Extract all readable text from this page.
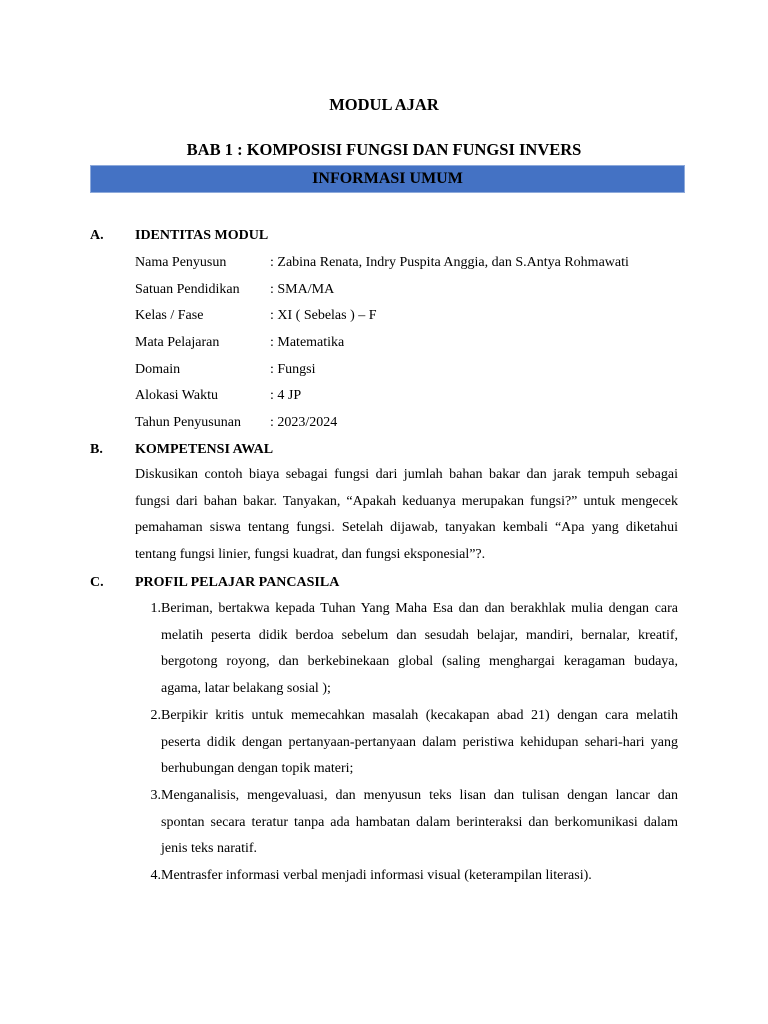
MODUL AJAR
BAB 1 : KOMPOSISI FUNGSI DAN FUNGSI INVERS
INFORMASI UMUM
A. IDENTITAS MODUL
Nama Penyusun	: Zabina Renata, Indry Puspita Anggia, dan S.Antya Rohmawati
Satuan Pendidikan : SMA/MA
Kelas / Fase	: XI ( Sebelas ) – F
Mata Pelajaran	: Matematika
Domain	: Fungsi
Alokasi Waktu	: 4 JP
Tahun Penyusunan : 2023/2024
B. KOMPETENSI AWAL
Diskusikan contoh biaya sebagai fungsi dari jumlah bahan bakar dan jarak tempuh sebagai fungsi dari bahan bakar. Tanyakan, “Apakah keduanya merupakan fungsi?” untuk mengecek pemahaman siswa tentang fungsi. Setelah dijawab, tanyakan kembali “Apa yang diketahui tentang fungsi linier, fungsi kuadrat, dan fungsi eksponesial”?.
C. PROFIL PELAJAR PANCASILA
1. Beriman, bertakwa kepada Tuhan Yang Maha Esa dan dan berakhlak mulia dengan cara melatih peserta didik berdoa sebelum dan sesudah belajar, mandiri, bernalar, kreatif, bergotong royong, dan berkebinekaan global (saling menghargai keragaman budaya, agama, latar belakang sosial );
2. Berpikir kritis untuk memecahkan masalah (kecakapan abad 21) dengan cara melatih peserta didik dengan pertanyaan-pertanyaan dalam peristiwa kehidupan sehari-hari yang berhubungan dengan topik materi;
3. Menganalisis, mengevaluasi, dan menyusun teks lisan dan tulisan dengan lancar dan spontan secara teratur tanpa ada hambatan dalam berinteraksi dan berkomunikasi dalam jenis teks naratif.
4. Mentrasfer informasi verbal menjadi informasi visual (keterampilan literasi).
